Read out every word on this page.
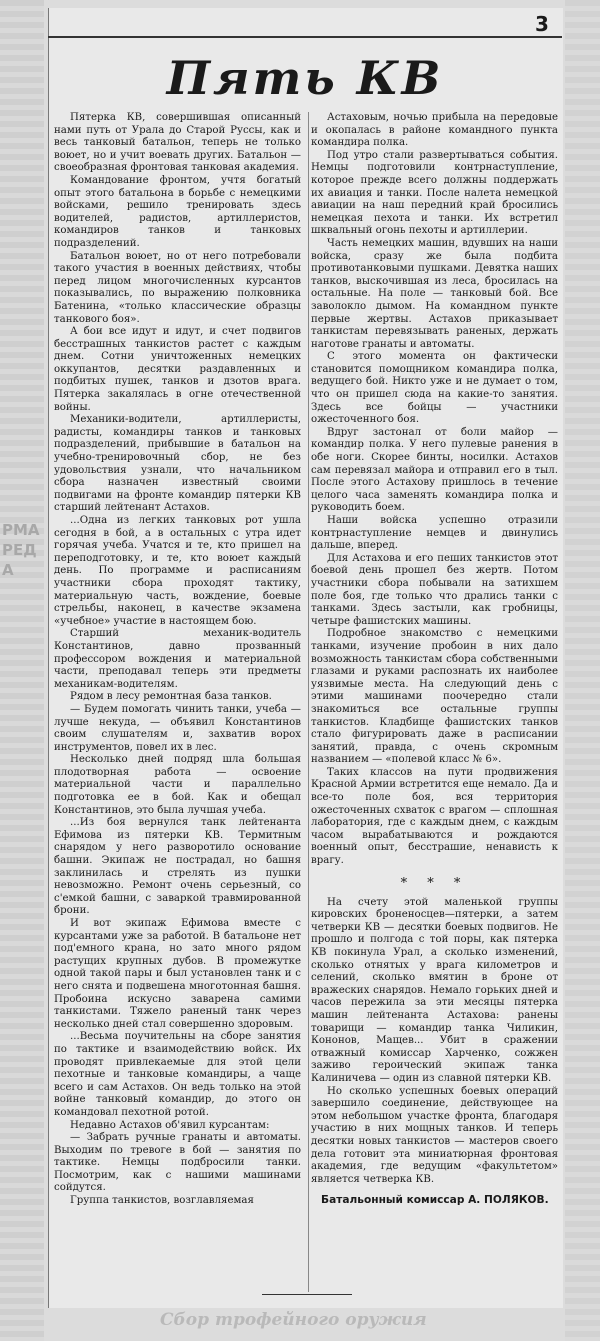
РМА РЕДА
3
Пять КВ

Пятерка КВ, совершившая описанный нами путь от Урала до Старой Руссы, как и весь танковый батальон, теперь не только воюет, но и учит воевать других. Батальон — своеобразная фронтовая танковая академия.

Командование фронтом, учтя богатый опыт этого батальона в борьбе с немецкими войсками, решило тренировать здесь водителей, радистов, артиллеристов, командиров танков и танковых подразделений.

Батальон воюет, но от него потребовали такого участия в военных действиях, чтобы перед лицом многочисленных курсантов показывались, по выражению полковника Батенина, «только классические образцы танкового боя».

А бои все идут и идут, и счет подвигов бесстрашных танкистов растет с каждым днем. Сотни уничтоженных немецких оккупантов, десятки раздавленных и подбитых пушек, танков и дзотов врага. Пятерка закалялась в огне отечественной войны.

Механики-водители, артиллеристы, радисты, командиры танков и танковых подразделений, прибывшие в батальон на учебно-тренировочный сбор, не без удовольствия узнали, что начальником сбора назначен известный своими подвигами на фронте командир пятерки КВ старший лейтенант Астахов.

...Одна из легких танковых рот ушла сегодня в бой, а в остальных с утра идет горячая учеба. Учатся и те, кто пришел на переподготовку, и те, кто воюет каждый день. По программе и расписаниям участники сбора проходят тактику, материальную часть, вождение, боевые стрельбы, наконец, в качестве экзамена «учебное» участие в настоящем бою.

Старший механик-водитель Константинов, давно прозванный профессором вождения и материальной части, преподавал теперь эти предметы механикам-водителям.

Рядом в лесу ремонтная база танков.

— Будем помогать чинить танки, учеба — лучше некуда, — объявил Константинов своим слушателям и, захватив ворох инструментов, повел их в лес.

Несколько дней подряд шла большая плодотворная работа — освоение материальной части и параллельно подготовка ее в бой. Как и обещал Константинов, это была лучшая учеба.

...Из боя вернулся танк лейтенанта Ефимова из пятерки КВ. Термитным снарядом у него разворотило основание башни. Экипаж не пострадал, но башня заклинилась и стрелять из пушки невозможно. Ремонт очень серьезный, со с'емкой башни, с заваркой травмированной брони.

И вот экипаж Ефимова вместе с курсантами уже за работой. В батальоне нет под'емного крана, но зато много рядом растущих крупных дубов. В промежутке одной такой пары и был установлен танк и с него снята и подвешена многотонная башня. Пробоина искусно заварена самими танкистами. Тяжело раненый танк через несколько дней стал совершенно здоровым.

...Весьма поучительны на сборе занятия по тактике и взаимодействию войск. Их проводят привлекаемые для этой цели пехотные и танковые командиры, а чаще всего и сам Астахов. Он ведь только на этой войне танковый командир, до этого он командовал пехотной ротой.

Недавно Астахов об'явил курсантам:

— Забрать ручные гранаты и автоматы. Выходим по тревоге в бой — занятия по тактике. Немцы подбросили танки. Посмотрим, как с нашими машинами сойдутся.

Группа танкистов, возглавляемая

Астаховым, ночью прибыла на передовые и окопалась в районе командного пункта командира полка.

Под утро стали развертываться события. Немцы подготовили контрнаступление, которое прежде всего должны поддержать их авиация и танки. После налета немецкой авиации на наш передний край бросились немецкая пехота и танки. Их встретил шквальный огонь пехоты и артиллерии.

Часть немецких машин, вдувших на наши войска, сразу же была подбита противотанковыми пушками. Девятка наших танков, выскочившая из леса, бросилась на остальные. На поле — танковый бой. Все заволокло дымом. На командном пункте первые жертвы. Астахов приказывает танкистам перевязывать раненых, держать наготове гранаты и автоматы.

С этого момента он фактически становится помощником командира полка, ведущего бой. Никто уже и не думает о том, что он пришел сюда на какие-то занятия. Здесь все бойцы — участники ожесточенного боя.

Вдруг застонал от боли майор — командир полка. У него пулевые ранения в обе ноги. Скорее бинты, носилки. Астахов сам перевязал майора и отправил его в тыл. После этого Астахову пришлось в течение целого часа заменять командира полка и руководить боем.

Наши войска успешно отразили контрнаступление немцев и двинулись дальше, вперед.

Для Астахова и его пеших танкистов этот боевой день прошел без жертв. Потом участники сбора побывали на затихшем поле боя, где только что дрались танки с танками. Здесь застыли, как гробницы, четыре фашистских машины.

Подробное знакомство с немецкими танками, изучение пробоин в них дало возможность танкистам сбора собственными глазами и руками распознать их наиболее уязвимые места. На следующий день с этими машинами поочередно стали знакомиться все остальные группы танкистов. Кладбище фашистских танков стало фигурировать даже в расписании занятий, правда, с очень скромным названием — «полевой класс № 6».

Таких классов на пути продвижения Красной Армии встретится еще немало. Да и все-то поле боя, вся территория ожесточенных схваток с врагом — сплошная лаборатория, где с каждым днем, с каждым часом вырабатываются и рождаются военный опыт, бесстрашие, ненависть к врагу.

* * *

На счету этой маленькой группы кировских броненосцев—пятерки, а затем четверки КВ — десятки боевых подвигов. Не прошло и полгода с той поры, как пятерка КВ покинула Урал, а сколько изменений, сколько отнятых у врага километров и селений, сколько вмятин в броне от вражеских снарядов. Немало горьких дней и часов пережила за эти месяцы пятерка машин лейтенанта Астахова: ранены товарищи — командир танка Чиликин, Кононов, Мащев... Убит в сражении отважный комиссар Харченко, сожжен заживо героический экипаж танка Калиничева — один из славной пятерки КВ.

Но сколько успешных боевых операций завершило соединение, действующее на этом небольшом участке фронта, благодаря участию в них мощных танков. И теперь десятки новых танкистов — мастеров своего дела готовит эта миниатюрная фронтовая академия, где ведущим «факультетом» является четверка КВ.

Батальонный комиссар А. ПОЛЯКОВ.
Сбор трофейного оружия
